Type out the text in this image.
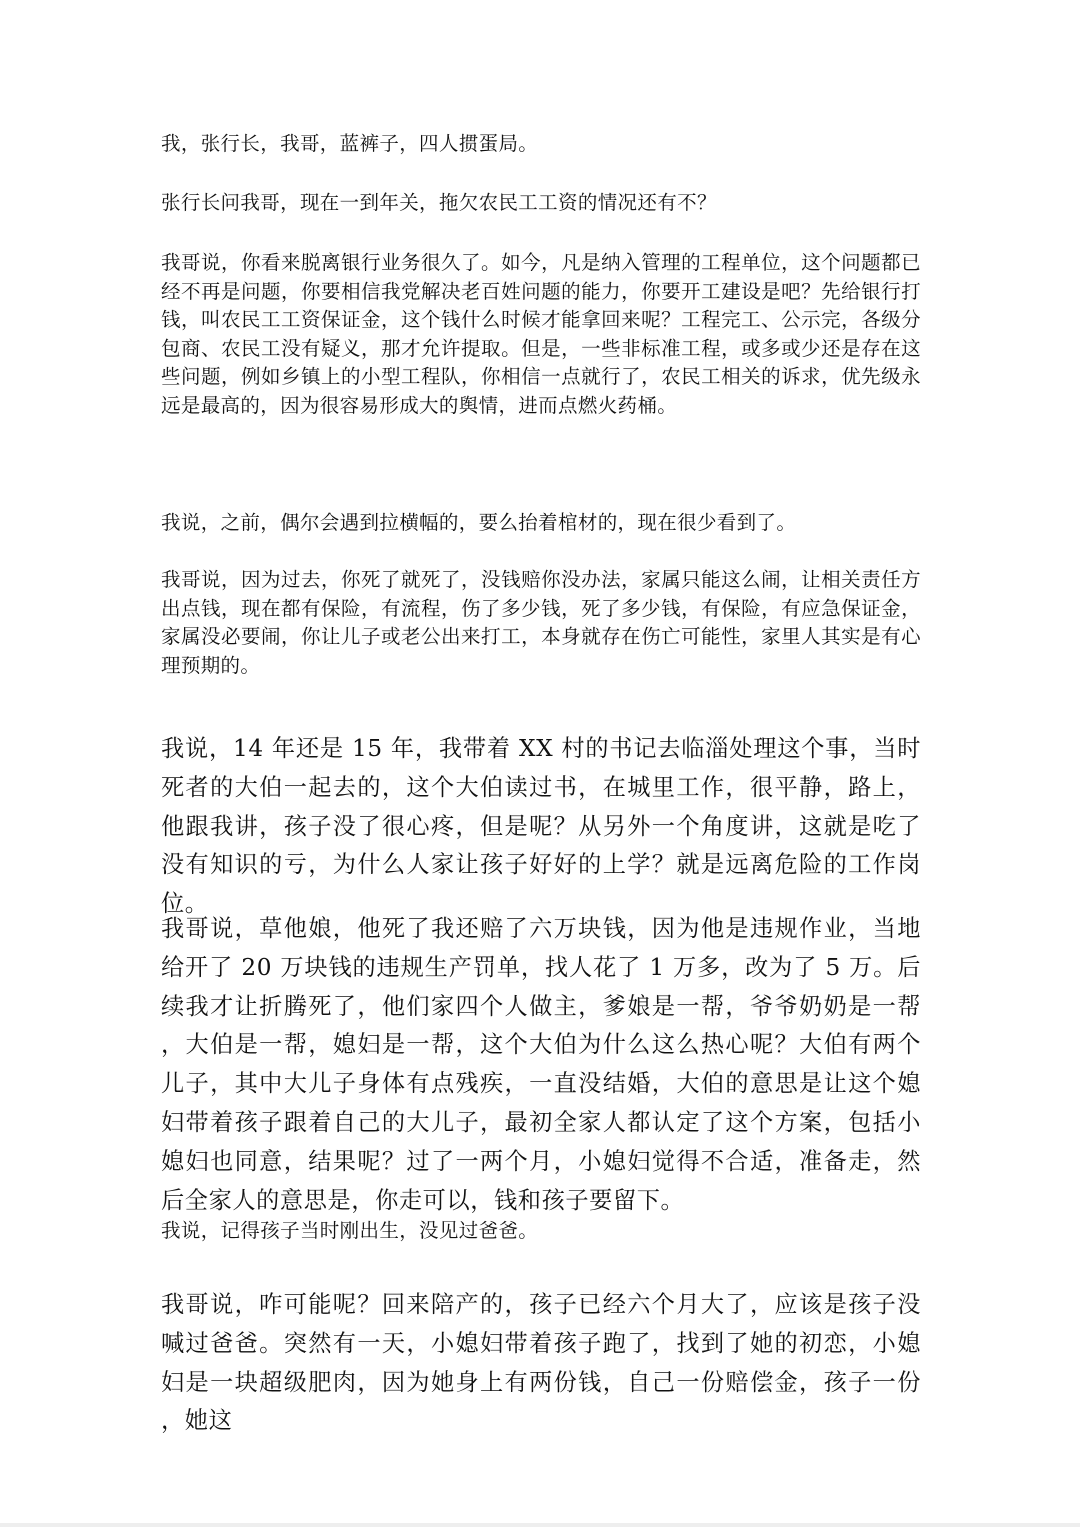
我，张行长，我哥，蓝裤子，四人掼蛋局。

张行长问我哥，现在一到年关，拖欠农民工工资的情况还有不？

我哥说，你看来脱离银行业务很久了。如今，凡是纳入管理的工程单位，这个问题都已经不再是问题，你要相信我党解决老百姓问题的能力，你要开工建设是吧？先给银行打钱，叫农民工工资保证金，这个钱什么时候才能拿回来呢？工程完工、公示完，各级分包商、农民工没有疑义，那才允许提取。但是，一些非标准工程，或多或少还是存在这些问题，例如乡镇上的小型工程队，你相信一点就行了，农民工相关的诉求，优先级永远是最高的，因为很容易形成大的舆情，进而点燃火药桶。

我说，之前，偶尔会遇到拉横幅的，要么抬着棺材的，现在很少看到了。

我哥说，因为过去，你死了就死了，没钱赔你没办法，家属只能这么闹，让相关责任方出点钱，现在都有保险，有流程，伤了多少钱，死了多少钱，有保险，有应急保证金，家属没必要闹，你让儿子或老公出来打工，本身就存在伤亡可能性，家里人其实是有心理预期的。

我说，14 年还是 15 年，我带着 XX 村的书记去临淄处理这个事，当时死者的大伯一起去的，这个大伯读过书，在城里工作，很平静，路上，他跟我讲，孩子没了很心疼，但是呢？从另外一个角度讲，这就是吃了没有知识的亏，为什么人家让孩子好好的上学？就是远离危险的工作岗位。

我哥说，草他娘，他死了我还赔了六万块钱，因为他是违规作业，当地给开了 20 万块钱的违规生产罚单，找人花了 1 万多，改为了 5 万。后续我才让折腾死了，他们家四个人做主，爹娘是一帮，爷爷奶奶是一帮，大伯是一帮，媳妇是一帮，这个大伯为什么这么热心呢？大伯有两个儿子，其中大儿子身体有点残疾，一直没结婚，大伯的意思是让这个媳妇带着孩子跟着自己的大儿子，最初全家人都认定了这个方案，包括小媳妇也同意，结果呢？过了一两个月，小媳妇觉得不合适，准备走，然后全家人的意思是，你走可以，钱和孩子要留下。

我说，记得孩子当时刚出生，没见过爸爸。

我哥说，咋可能呢？回来陪产的，孩子已经六个月大了，应该是孩子没喊过爸爸。突然有一天，小媳妇带着孩子跑了，找到了她的初恋，小媳妇是一块超级肥肉，因为她身上有两份钱，自己一份赔偿金，孩子一份，她这
